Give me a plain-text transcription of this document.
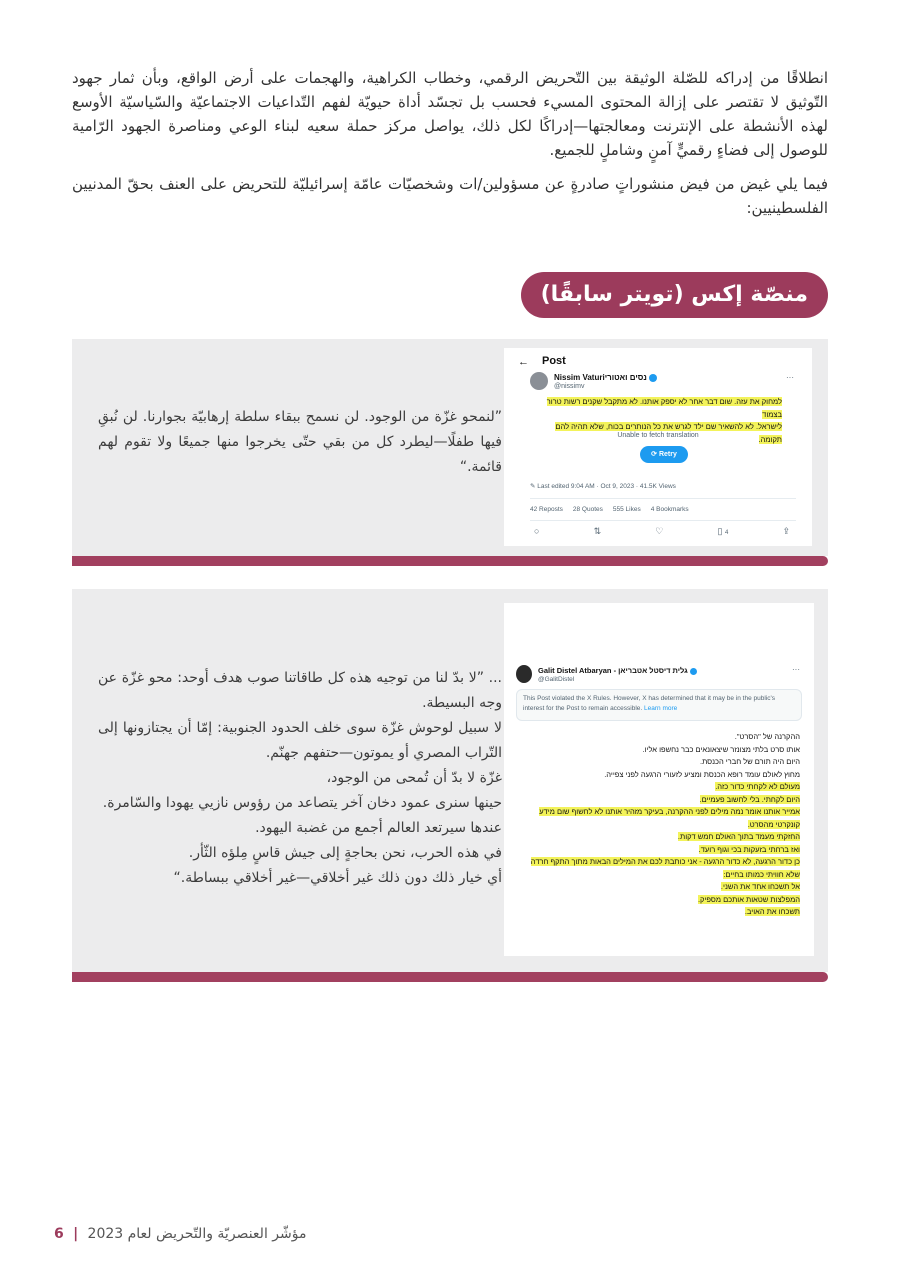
انطلاقًا من إدراكه للصّلة الوثيقة بين التّحريض الرقمي، وخطاب الكراهية، والهجمات على أرض الواقع، وبأن ثمار جهود التّوثيق لا تقتصر على إزالة المحتوى المسيء فحسب بل تجسّد أداة حيويّة لفهم التّداعيات الاجتماعيّة والسّياسيّة الأوسع لهذه الأنشطة على الإنترنت ومعالجتها—إدراكًا لكل ذلك، يواصل مركز حملة سعيه لبناء الوعي ومناصرة الجهود الرّامية للوصول إلى فضاءٍ رقميٍّ آمنٍ وشاملٍ للجميع.

فيما يلي غيض من فيض منشوراتٍ صادرةٍ عن مسؤولين/ات وشخصيّات عامّة إسرائيليّة للتحريض على العنف بحقّ المدنيين الفلسطينيين:

منصّة إكس (تويتر سابقًا)
”لنمحو غزّة من الوجود. لن نسمح ببقاء سلطة إرهابيّة بجوارنا. لن نُبقِ فيها طفلًا—ليطرد كل من بقي حتّى يخرجوا منها جميعًا ولا تقوم لهم قائمة.“
← Post
Nissim Vaturiנסים ואטורי
@nissimv
···
למחוק את עזה. שום דבר אחר לא יספק אותנו. לא מתקבל שקנים רשות טרור בצמוד
לישראל. לא להשאיר שם ילד לגרש את כל הנותרים בכוח, שלא תהיה להם תקומה.
Unable to fetch translation
⟳ Retry
✎ Last edited 9:04 AM · Oct 9, 2023 · 41.5K Views
42 Reposts 28 Quotes 555 Likes 4 Bookmarks
○	⇅	♡	▯ 4	⇪
... ”لا بدّ لنا من توجيه هذه كل طاقاتنا صوب هدف أوحد: محو غزّة عن وجه البسيطة.
لا سبيل لوحوش غزّة سوى خلف الحدود الجنوبية: إمّا أن يجتازونها إلى التّراب المصري أو يموتون—حتفهم جهنّم.
غزّة لا بدّ أن تُمحى من الوجود،
حينها سنرى عمود دخان آخر يتصاعد من رؤوس نازيي يهودا والسّامرة.
عندها سيرتعد العالم أجمع من غضبة اليهود.
في هذه الحرب، نحن بحاجةٍ إلى جيش قاسٍ مِلؤه الثّأر.
أي خيار ذلك دون ذلك غير أخلاقي—غير أخلاقي ببساطة.“
Galit Distel Atbaryan - גלית דיסטל אטבריאן
@GalitDistel
···
This Post violated the X Rules. However, X has determined that it may be in the public's interest for the Post to remain accessible. Learn more
ההקרנה של "הסרט".
אותו סרט בלתי מצונזר שיצאונאים כבר נחשפו אליו.
היום היה תורם של חברי הכנסת.
מחוץ לאולם עומד רופא הכנסת ומציע לזעורי הרגעה לפני צפייה.
מעולם לא לקחתי כדור כזה.
היום לקחתי. בלי לחשוב פעמיים.
אמייר אותנו אומר נמה מילים לפני ההקרנה, בעיקר מזהיר אותנו לא לחשוף שום מידע
קונקרטי מהסרט.
החזקתי מעמד בתוך האולם חמש דקות.
ואז ברחתי בזעקות בכי וגוף רועד.
כן כדור הרגעה, לא כדור הרגעה - אני כותבת לכם את המילים הבאות מתוך התקף חרדה
שלא חוויתי כמותו בחיים:
אל תשכחו אחד את השני.
המפלצות שטאות אותכם מספיק.
תשכחו את האויב.
6  |  مؤشّر العنصريّة والتّحريض لعام 2023
